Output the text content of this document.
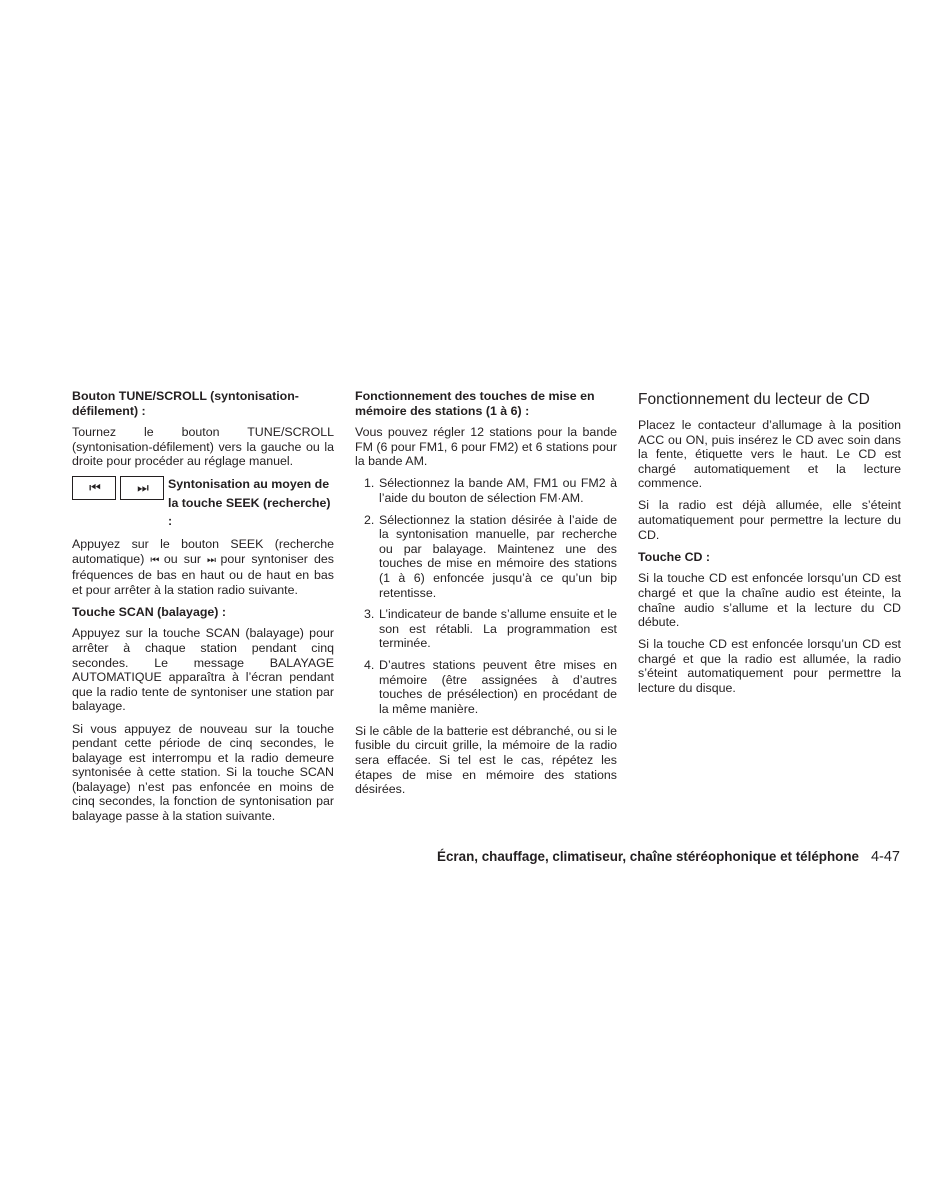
Bouton TUNE/SCROLL (syntonisation-défilement) :

Tournez le bouton TUNE/SCROLL (syntonisation-défilement) vers la gauche ou la droite pour procéder au réglage manuel.

⏮	⏭	Syntonisation au moyen de la touche SEEK (recherche) :

Appuyez sur le bouton SEEK (recherche automatique) ⏮ ou sur ⏭ pour syntoniser des fréquences de bas en haut ou de haut en bas et pour arrêter à la station radio suivante.

Touche SCAN (balayage) :

Appuyez sur la touche SCAN (balayage) pour arrêter à chaque station pendant cinq secondes. Le message BALAYAGE AUTOMATIQUE apparaîtra à l’écran pendant que la radio tente de syntoniser une station par balayage.

Si vous appuyez de nouveau sur la touche pendant cette période de cinq secondes, le balayage est interrompu et la radio demeure syntonisée à cette station. Si la touche SCAN (balayage) n’est pas enfoncée en moins de cinq secondes, la fonction de syntonisation par balayage passe à la station suivante.

Fonctionnement des touches de mise en mémoire des stations (1 à 6) :

Vous pouvez régler 12 stations pour la bande FM (6 pour FM1, 6 pour FM2) et 6 stations pour la bande AM.

1. Sélectionnez la bande AM, FM1 ou FM2 à l’aide du bouton de sélection FM·AM.
2. Sélectionnez la station désirée à l’aide de la syntonisation manuelle, par recherche ou par balayage. Maintenez une des touches de mise en mémoire des stations (1 à 6) enfoncée jusqu’à ce qu’un bip retentisse.
3. L’indicateur de bande s’allume ensuite et le son est rétabli. La programmation est terminée.
4. D’autres stations peuvent être mises en mémoire (être assignées à d’autres touches de présélection) en procédant de la même manière.

Si le câble de la batterie est débranché, ou si le fusible du circuit grille, la mémoire de la radio sera effacée. Si tel est le cas, répétez les étapes de mise en mémoire des stations désirées.

Fonctionnement du lecteur de CD

Placez le contacteur d’allumage à la position ACC ou ON, puis insérez le CD avec soin dans la fente, étiquette vers le haut. Le CD est chargé automatiquement et la lecture commence.

Si la radio est déjà allumée, elle s’éteint automatiquement pour permettre la lecture du CD.

Touche CD :

Si la touche CD est enfoncée lorsqu’un CD est chargé et que la chaîne audio est éteinte, la chaîne audio s’allume et la lecture du CD débute.

Si la touche CD est enfoncée lorsqu’un CD est chargé et que la radio est allumée, la radio s’éteint automatiquement pour permettre la lecture du disque.

Écran, chauffage, climatiseur, chaîne stéréophonique et téléphone 4-47
